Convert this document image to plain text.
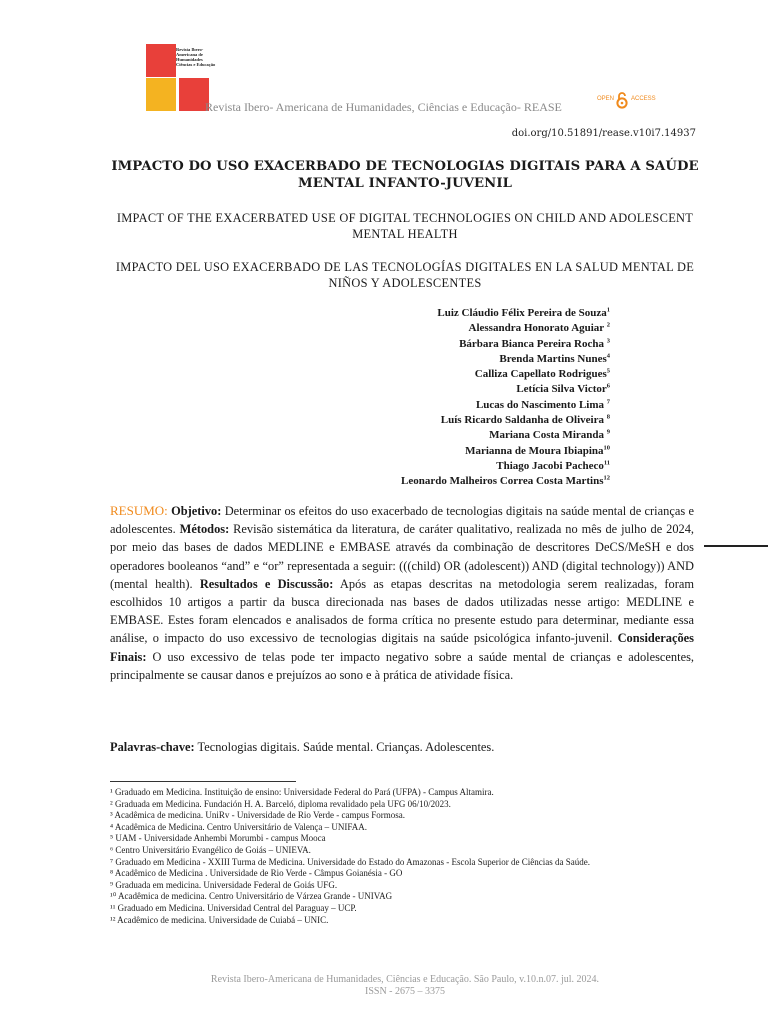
Revista Ibero-Americana de Humanidades Ciências e Educação
Revista Ibero- Americana de Humanidades, Ciências e Educação- REASE
OPEN	ACCESS
doi.org/10.51891/rease.v10i7.14937
IMPACTO DO USO EXACERBADO DE TECNOLOGIAS DIGITAIS PARA A SAÚDE MENTAL INFANTO-JUVENIL
IMPACT OF THE EXACERBATED USE OF DIGITAL TECHNOLOGIES ON CHILD AND ADOLESCENT MENTAL HEALTH
IMPACTO DEL USO EXACERBADO DE LAS TECNOLOGÍAS DIGITALES EN LA SALUD MENTAL DE NIÑOS Y ADOLESCENTES
Luiz Cláudio Félix Pereira de Souza$^1$
Alessandra Honorato Aguiar $^2$
Bárbara Bianca Pereira Rocha $^3$
Brenda Martins Nunes$^4$
Calliza Capellato Rodrigues$^5$
Letícia Silva Victor$^6$
Lucas do Nascimento Lima $^7$
Luís Ricardo Saldanha de Oliveira $^8$
Mariana Costa Miranda $^9$
Marianna de Moura Ibiapina$^{10}$
Thiago Jacobi Pacheco$^{11}$
Leonardo Malheiros Correa Costa Martins$^{12}$
RESUMO: Objetivo: Determinar os efeitos do uso exacerbado de tecnologias digitais na saúde mental de crianças e adolescentes. Métodos: Revisão sistemática da literatura, de caráter qualitativo, realizada no mês de julho de 2024, por meio das bases de dados MEDLINE e EMBASE através da combinação de descritores DeCS/MeSH e dos operadores booleanos “and” e “or” representada a seguir: (((child) OR (adolescent)) AND (digital technology)) AND (mental health). Resultados e Discussão: Após as etapas descritas na metodologia serem realizadas, foram escolhidos 10 artigos a partir da busca direcionada nas bases de dados utilizadas nesse artigo: MEDLINE e EMBASE. Estes foram elencados e analisados de forma crítica no presente estudo para determinar, mediante essa análise, o impacto do uso excessivo de tecnologias digitais na saúde psicológica infanto-juvenil. Considerações Finais: O uso excessivo de telas pode ter impacto negativo sobre a saúde mental de crianças e adolescentes, principalmente se causar danos e prejuízos ao sono e à prática de atividade física.
Palavras-chave: Tecnologias digitais. Saúde mental. Crianças. Adolescentes.
¹ Graduado em Medicina. Instituição de ensino: Universidade Federal do Pará (UFPA) - Campus Altamira.
² Graduada em Medicina. Fundación H. A. Barceló, diploma revalidado pela UFG 06/10/2023.
³ Acadêmica de medicina. UniRv - Universidade de Rio Verde - campus Formosa.
⁴ Acadêmica de Medicina. Centro Universitário de Valença – UNIFAA.
⁵ UAM - Universidade Anhembi Morumbi - campus Mooca
⁶ Centro Universitário Evangélico de Goiás – UNIEVA.
⁷ Graduado em Medicina - XXIII Turma de Medicina. Universidade do Estado do Amazonas - Escola Superior de Ciências da Saúde.
⁸ Acadêmico de Medicina . Universidade de Rio Verde - Câmpus Goianésia - GO
⁹ Graduada em medicina. Universidade Federal de Goiás UFG.
¹⁰ Acadêmica de medicina. Centro Universitário de Várzea Grande - UNIVAG
¹¹ Graduado em Medicina. Universidad Central del Paraguay – UCP.
¹² Acadêmico de medicina. Universidade de Cuiabá – UNIC.
Revista Ibero-Americana de Humanidades, Ciências e Educação. São Paulo, v.10.n.07. jul. 2024.
ISSN - 2675 – 3375
